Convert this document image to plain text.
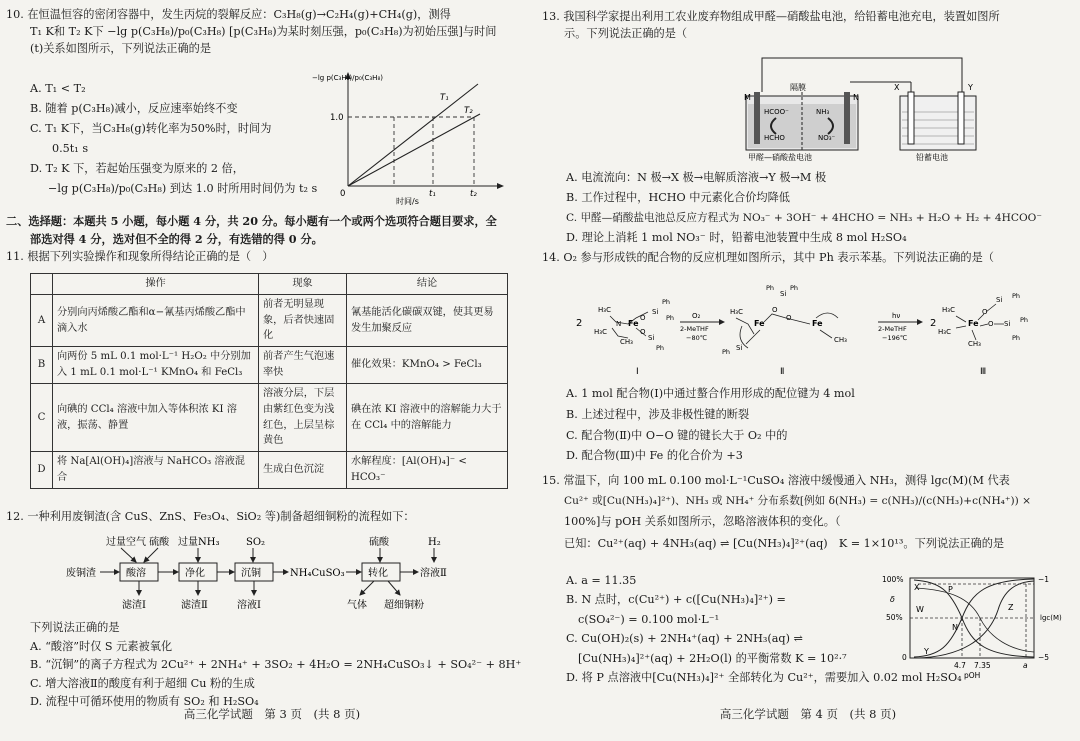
10. 在恒温恒容的密闭容器中，发生丙烷的裂解反应：C₃H₈(g)→C₂H₄(g)+CH₄(g)，测得

T₁ K和 T₂ K下 −lg p(C₃H₈)/p₀(C₃H₈) [p(C₃H₈)为某时刻压强，p₀(C₃H₈)为初始压强]与时间

(t)关系如图所示，下列说法正确的是

A. T₁ < T₂

B. 随着 p(C₃H₈)减小，反应速率始终不变

C. T₁ K下，当C₃H₈(g)转化率为50%时，时间为

0.5t₁ s

D. T₂ K 下，若起始压强变为原来的 2 倍，

−lg p(C₃H₈)/p₀(C₃H₈) 到达 1.0 时所用时间仍为 t₂ s

−lg p(C₃H₈)/p₀(C₃H₈)
1.0
0
T₁
T₂
t₁	t₂
时间/s

二、选择题：本题共 5 小题，每小题 4 分，共 20 分。每小题有一个或两个选项符合题目要求，全

部选对得 4 分，选对但不全的得 2 分，有选错的得 0 分。

11. 根据下列实验操作和现象所得结论正确的是（　）

	操作	现象	结论
A	分别向丙烯酸乙酯和α−氰基丙烯酸乙酯中滴入水	前者无明显现象，后者快速固化	氰基能活化碳碳双键，使其更易发生加聚反应
B	向两份 5 mL 0.1 mol·L⁻¹ H₂O₂ 中分别加入 1 mL 0.1 mol·L⁻¹ KMnO₄ 和 FeCl₃	前者产生气泡速率快	催化效果：KMnO₄ > FeCl₃
C	向碘的 CCl₄ 溶液中加入等体积浓 KI 溶液，振荡、静置	溶液分层，下层由紫红色变为浅红色，上层呈棕黄色	碘在浓 KI 溶液中的溶解能力大于在 CCl₄ 中的溶解能力
D	将 Na[Al(OH)₄]溶液与 NaHCO₃ 溶液混合	生成白色沉淀	水解程度：[Al(OH)₄]⁻ < HCO₃⁻

12. 一种利用废铜渣(含 CuS、ZnS、Fe₃O₄、SiO₂ 等)制备超细铜粉的流程如下：

过量空气 硫酸 过量NH₃	SO₂	硫酸	H₂
废铜渣	酸溶	净化	沉铜	NH₄CuSO₃ 转化	溶液Ⅱ
滤渣Ⅰ	滤渣Ⅱ	溶液Ⅰ	气体 超细铜粉

下列说法正确的是

A. “酸溶”时仅 S 元素被氧化

B. “沉铜”的离子方程式为 2Cu²⁺ + 2NH₄⁺ + 3SO₂ + 4H₂O = 2NH₄CuSO₃↓ + SO₄²⁻ + 8H⁺

C. 增大溶液Ⅱ的酸度有利于超细 Cu 粉的生成

D. 流程中可循环使用的物质有 SO₂ 和 H₂SO₄

高三化学试题　第 3 页　(共 8 页)

13. 我国科学家提出利用工农业废弃物组成甲醛—硝酸盐电池，给铅蓄电池充电，装置如图所

示。下列说法正确的是（

M	N
隔膜
HCOO⁻	NH₃
HCHO	NO₃⁻
甲醛—硝酸盐电池
X	Y
铅蓄电池

A. 电流流向：N 极→X 极→电解质溶液→Y 极→M 极

B. 工作过程中，HCHO 中元素化合价均降低

C. 甲醛—硝酸盐电池总反应方程式为 NO₃⁻ + 3OH⁻ + 4HCHO = NH₃ + H₂O + H₂ + 4HCOO⁻

D. 理论上消耗 1 mol NO₃⁻ 时，铅蓄电池装置中生成 8 mol H₂SO₄

14. O₂ 参与形成铁的配合物的反应机理如图所示，其中 Ph 表示苯基。下列说法正确的是（

2
H₃C
H₃C
N Fe
O
Si
Ph
Ph
O
Si
Ph
CH₃
Ⅰ
O₂
2-MeTHF
−80℃
H₃C
Fe
O
O
Si
Ph Ph
Fe
Si
Ph
CH₃
Ⅱ
hν
2-MeTHF
−196℃
2
H₃C
H₃C
Fe
O
O
Si Ph
Si Ph
Ph
CH₃
Ⅲ

A. 1 mol 配合物(Ⅰ)中通过螯合作用形成的配位键为 4 mol

B. 上述过程中，涉及非极性键的断裂

C. 配合物(Ⅱ)中 O−O 键的键长大于 O₂ 中的

D. 配合物(Ⅲ)中 Fe 的化合价为 +3

15. 常温下，向 100 mL 0.100 mol·L⁻¹CuSO₄ 溶液中缓慢通入 NH₃，测得 lgc(M)(M 代表

Cu²⁺ 或[Cu(NH₃)₄]²⁺)、NH₃ 或 NH₄⁺ 分布系数[例如 δ(NH₃) = c(NH₃)/(c(NH₃)+c(NH₄⁺)) ×

100%]与 pOH 关系如图所示，忽略溶液体积的变化。（

已知：Cu²⁺(aq) + 4NH₃(aq) ⇌ [Cu(NH₃)₄]²⁺(aq)　K = 1×10¹³。下列说法正确的是

A. a = 11.35

B. N 点时，c(Cu²⁺) + c([Cu(NH₃)₄]²⁺) =

c(SO₄²⁻) = 0.100 mol·L⁻¹

C. Cu(OH)₂(s) + 2NH₄⁺(aq) + 2NH₃(aq) ⇌

[Cu(NH₃)₄]²⁺(aq) + 2H₂O(l) 的平衡常数 K = 10²·⁷

D. 将 P 点溶液中[Cu(NH₃)₄]²⁺ 全部转化为 Cu²⁺，需要加入 0.02 mol H₂SO₄

100%
50%
0
δ
−1
−5
lgc(M)
X	P
W
N
Y
Z
4.7 7.35	a
pOH
高三化学试题　第 4 页　(共 8 页)
